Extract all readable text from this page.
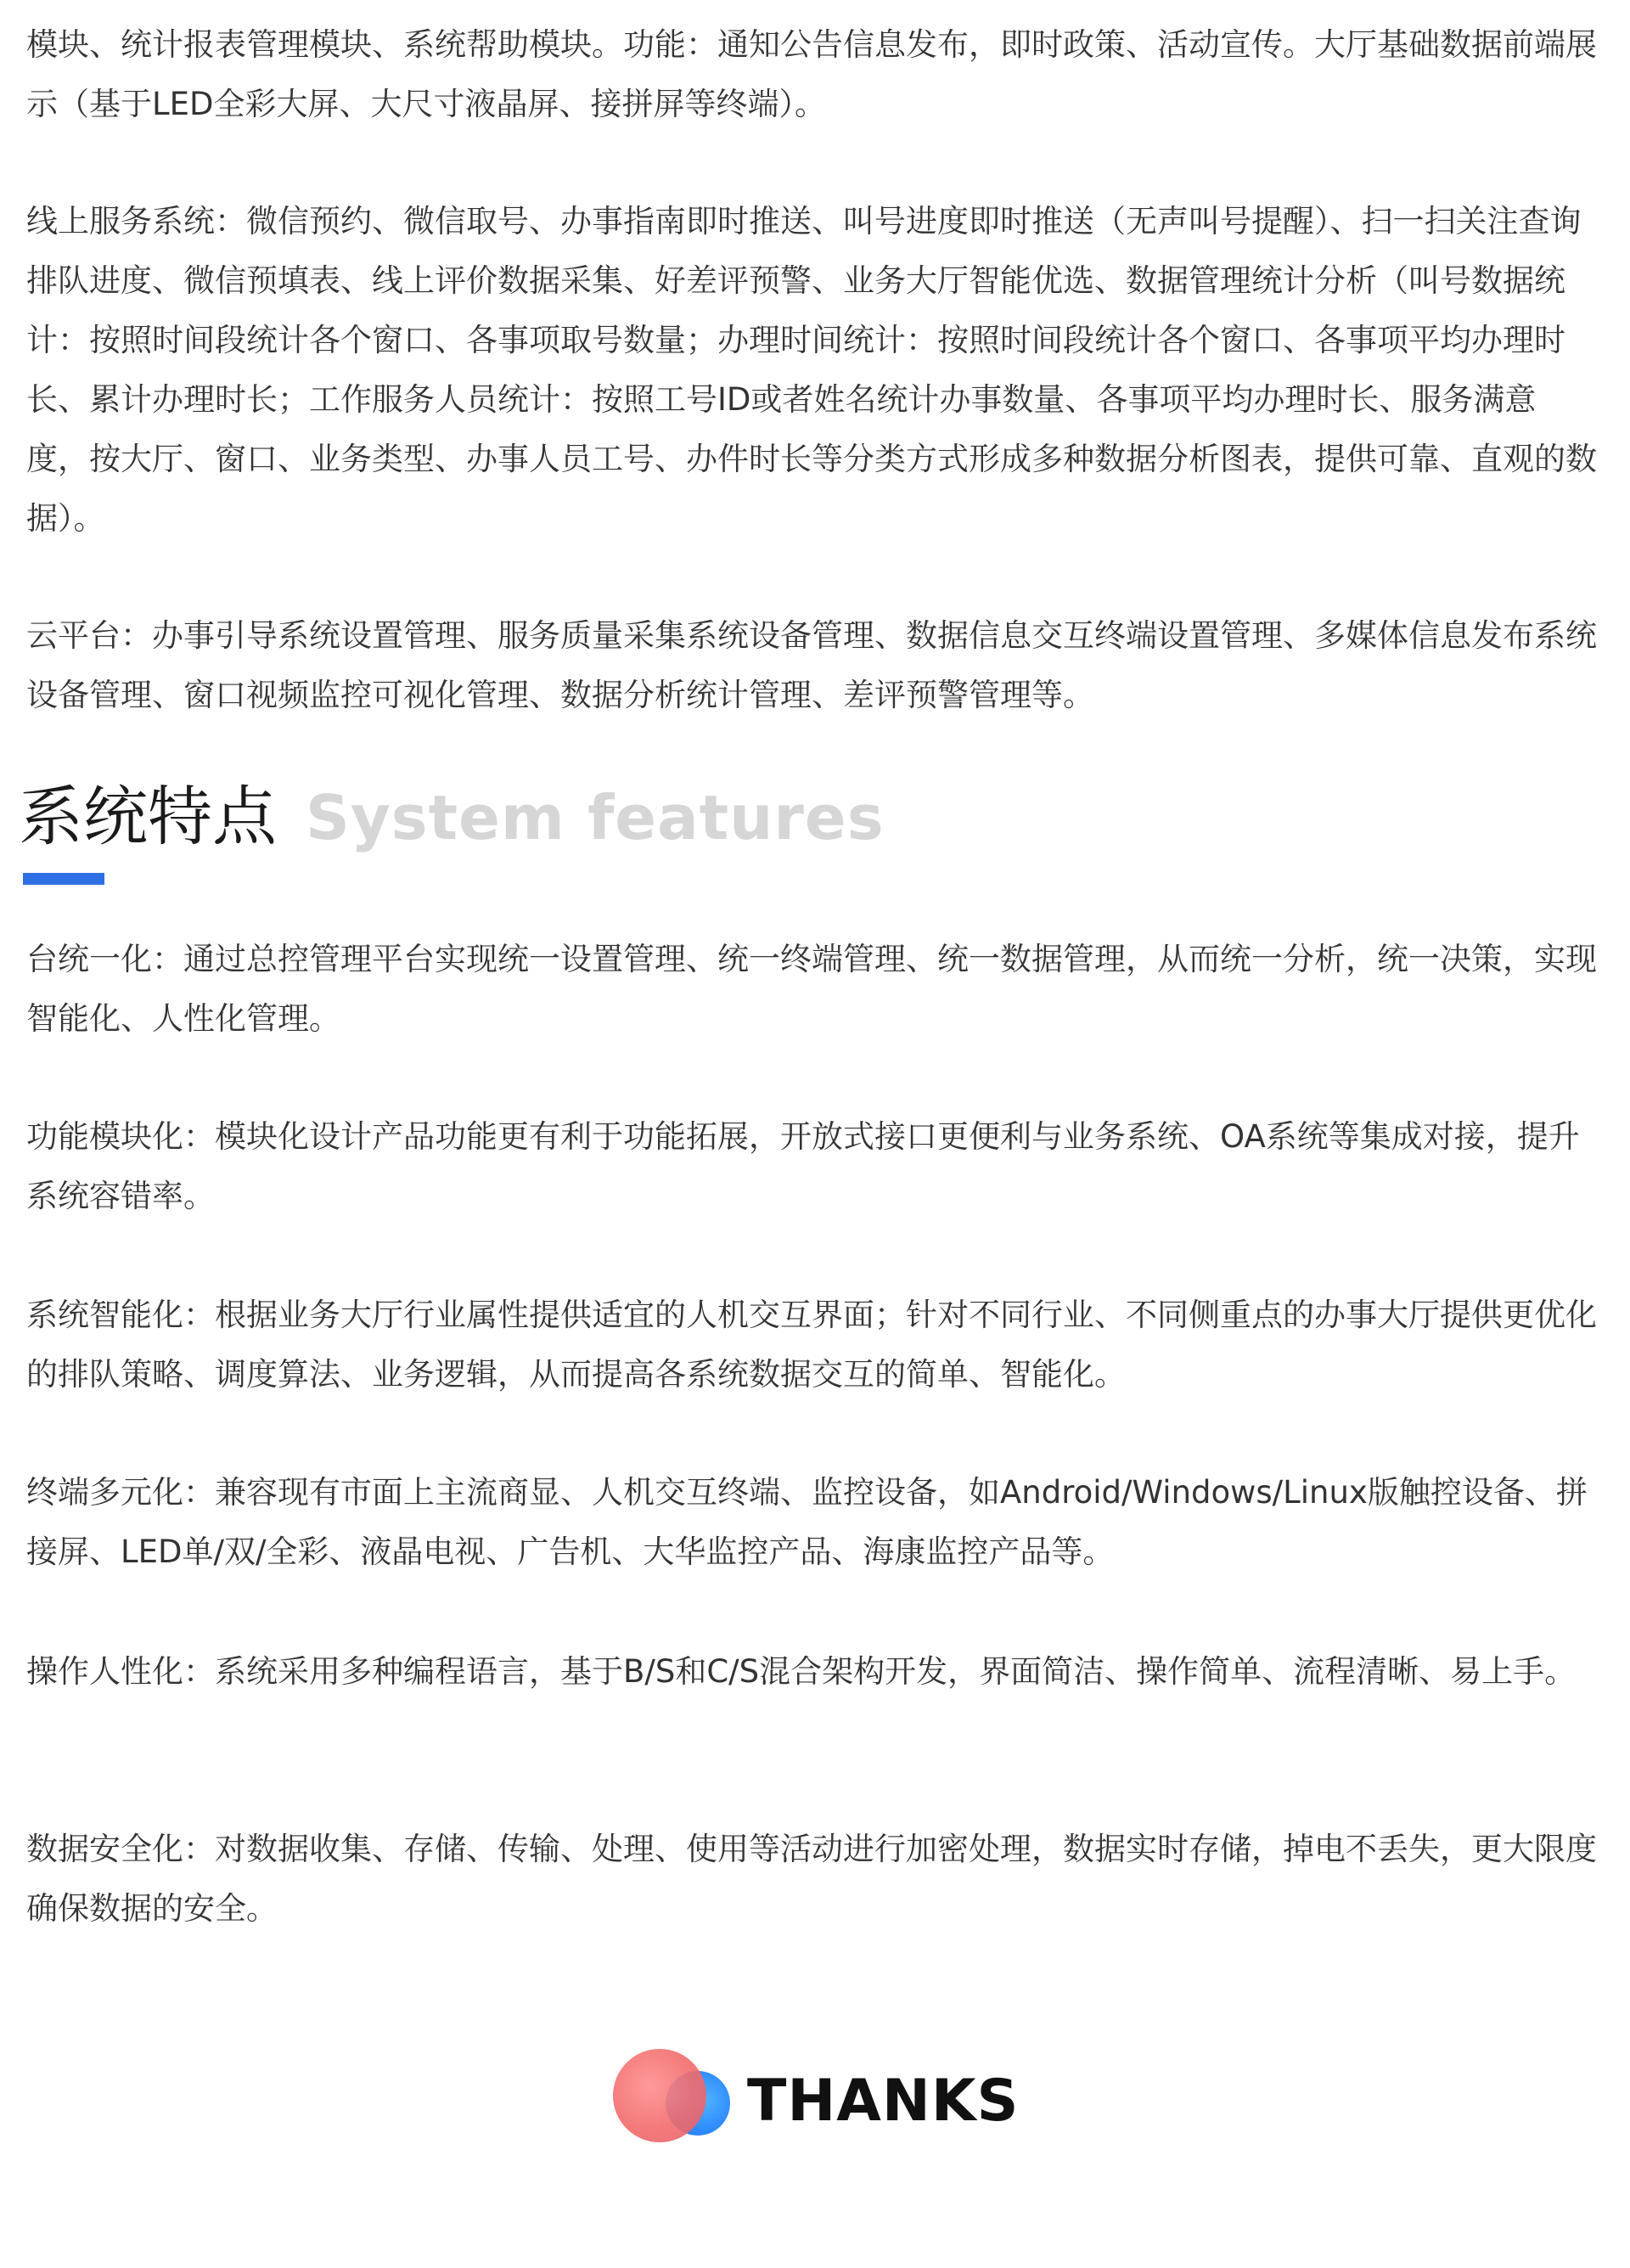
模块、统计报表管理模块、系统帮助模块。功能：通知公告信息发布，即时政策、活动宣传。大厅基础数据前端展示（基于LED全彩大屏、大尺寸液晶屏、接拼屏等终端）。

线上服务系统：微信预约、微信取号、办事指南即时推送、叫号进度即时推送（无声叫号提醒）、扫一扫关注查询排队进度、微信预填表、线上评价数据采集、好差评预警、业务大厅智能优选、数据管理统计分析（叫号数据统计：按照时间段统计各个窗口、各事项取号数量；办理时间统计：按照时间段统计各个窗口、各事项平均办理时长、累计办理时长；工作服务人员统计：按照工号ID或者姓名统计办事数量、各事项平均办理时长、服务满意度，按大厅、窗口、业务类型、办事人员工号、办件时长等分类方式形成多种数据分析图表，提供可靠、直观的数据）。

云平台：办事引导系统设置管理、服务质量采集系统设备管理、数据信息交互终端设置管理、多媒体信息发布系统设备管理、窗口视频监控可视化管理、数据分析统计管理、差评预警管理等。

系统特点 System features

台统一化：通过总控管理平台实现统一设置管理、统一终端管理、统一数据管理，从而统一分析，统一决策，实现智能化、人性化管理。

功能模块化：模块化设计产品功能更有利于功能拓展，开放式接口更便利与业务系统、OA系统等集成对接，提升系统容错率。

系统智能化：根据业务大厅行业属性提供适宜的人机交互界面；针对不同行业、不同侧重点的办事大厅提供更优化的排队策略、调度算法、业务逻辑，从而提高各系统数据交互的简单、智能化。

终端多元化：兼容现有市面上主流商显、人机交互终端、监控设备，如Android/Windows/Linux版触控设备、拼接屏、LED单/双/全彩、液晶电视、广告机、大华监控产品、海康监控产品等。

操作人性化：系统采用多种编程语言，基于B/S和C/S混合架构开发，界面简洁、操作简单、流程清晰、易上手。

数据安全化：对数据收集、存储、传输、处理、使用等活动进行加密处理，数据实时存储，掉电不丢失，更大限度确保数据的安全。

THANKS
